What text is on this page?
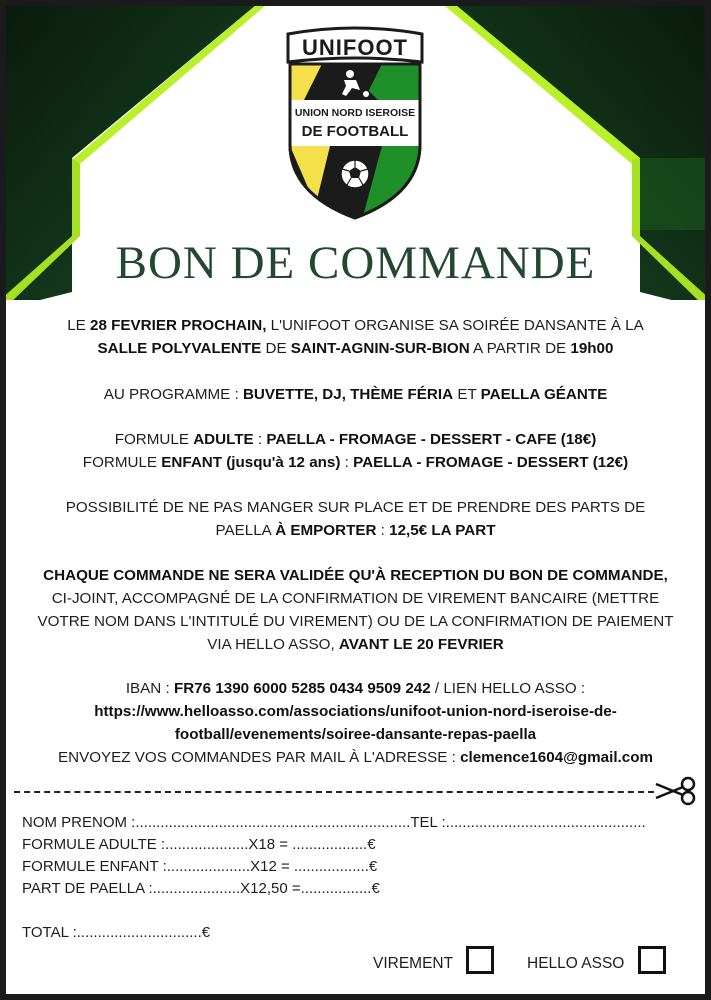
UNIFOOT
UNION NORD ISEROISE
DE FOOTBALL
BON DE COMMANDE
LE 28 FEVRIER PROCHAIN, L'UNIFOOT ORGANISE SA SOIRÉE DANSANTE À LA
SALLE POLYVALENTE DE SAINT-AGNIN-SUR-BION A PARTIR DE 19h00
AU PROGRAMME : BUVETTE, DJ, THÈME FÉRIA ET PAELLA GÉANTE
FORMULE ADULTE : PAELLA - FROMAGE - DESSERT - CAFE (18€)
FORMULE ENFANT (jusqu'à 12 ans) : PAELLA - FROMAGE - DESSERT (12€)
POSSIBILITÉ DE NE PAS MANGER SUR PLACE ET DE PRENDRE DES PARTS DE
PAELLA À EMPORTER : 12,5€ LA PART
CHAQUE COMMANDE NE SERA VALIDÉE QU'À RECEPTION DU BON DE COMMANDE,
CI-JOINT, ACCOMPAGNÉ DE LA CONFIRMATION DE VIREMENT BANCAIRE (METTRE
VOTRE NOM DANS L'INTITULÉ DU VIREMENT) OU DE LA CONFIRMATION DE PAIEMENT
VIA HELLO ASSO, AVANT LE 20 FEVRIER
IBAN : FR76 1390 6000 5285 0434 9509 242 / LIEN HELLO ASSO :
https://www.helloasso.com/associations/unifoot-union-nord-iseroise-de-
football/evenements/soiree-dansante-repas-paella
ENVOYEZ VOS COMMANDES PAR MAIL À L'ADRESSE : clemence1604@gmail.com
NOM PRENOM :..................................................................TEL :................................................
FORMULE ADULTE :....................X18 = ..................€
FORMULE ENFANT :....................X12 = ..................€
PART DE PAELLA :.....................X12,50 =.................€
TOTAL :..............................€
VIREMENT	HELLO ASSO
